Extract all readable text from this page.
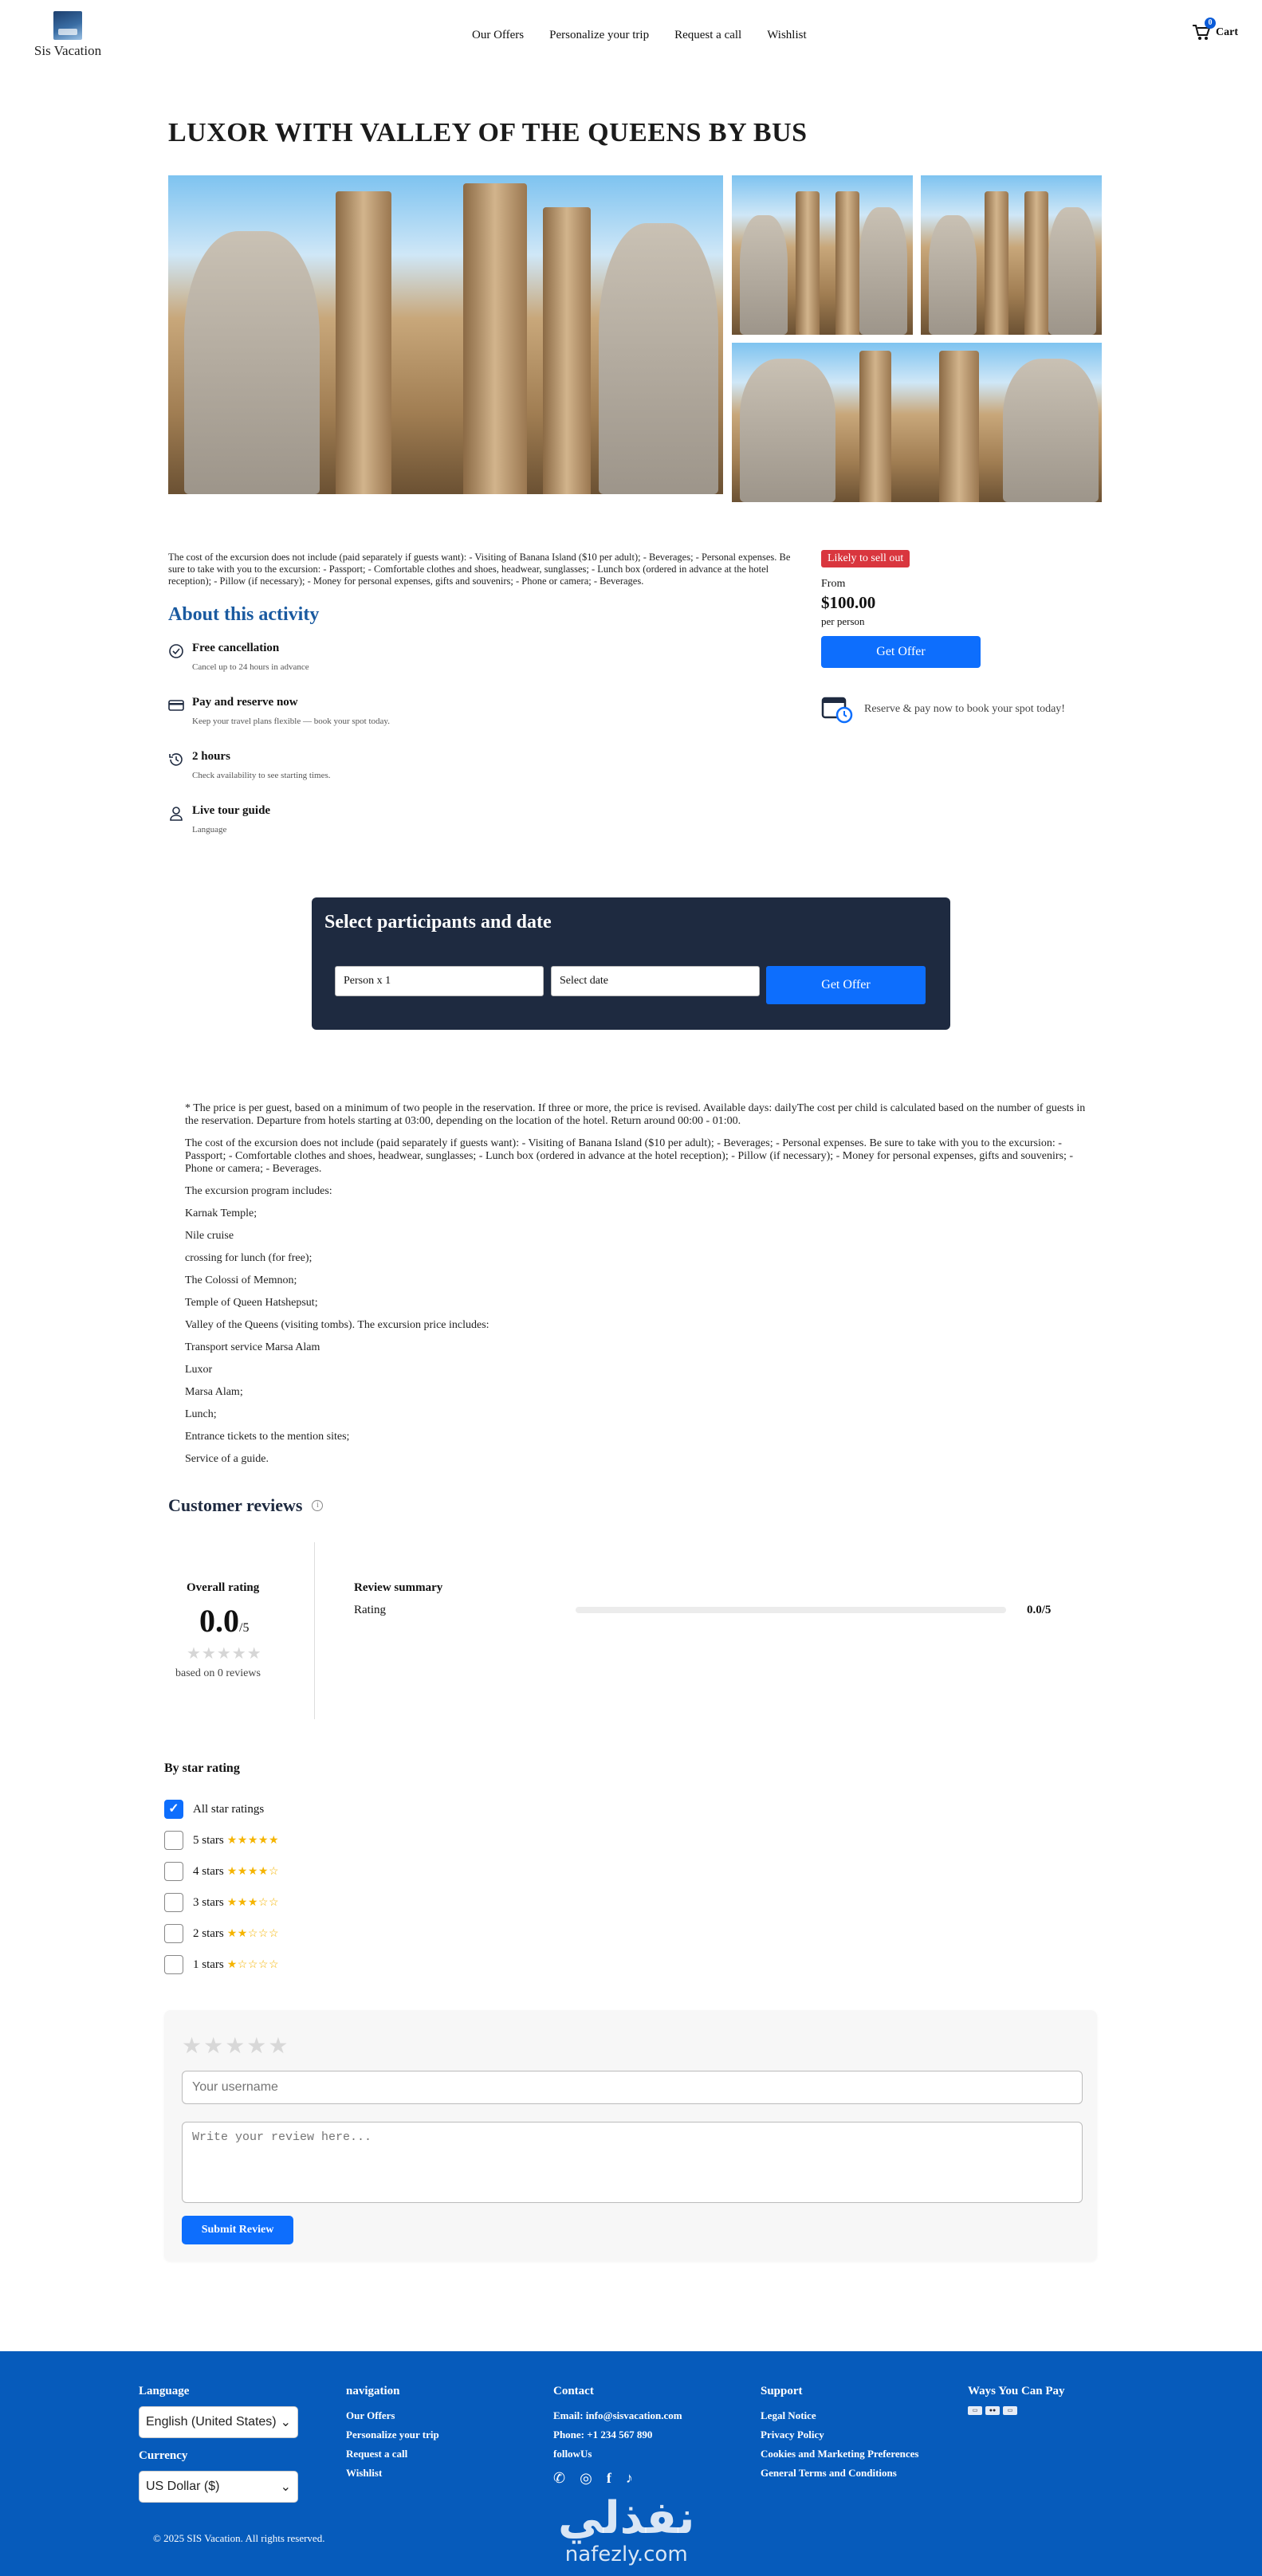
Sis Vacation
Our Offers Personalize your trip Request a call Wishlist
0
Cart
LUXOR WITH VALLEY OF THE QUEENS BY BUS

The cost of the excursion does not include (paid separately if guests want): - Visiting of Banana Island ($10 per adult); - Beverages; - Personal expenses. Be sure to take with you to the excursion: - Passport; - Comfortable clothes and shoes, headwear, sunglasses; - Lunch box (ordered in advance at the hotel reception); - Pillow (if necessary); - Money for personal expenses, gifts and souvenirs; - Phone or camera; - Beverages.

About this activity
Free cancellation
Cancel up to 24 hours in advance
Pay and reserve now
Keep your travel plans flexible — book your spot today.
2 hours
Check availability to see starting times.
Live tour guide
Language
Likely to sell out
From
$100.00
per person
Get Offer
Reserve & pay now to book your spot today!
Select participants and date
Person x 1	Select date	Get Offer

* The price is per guest, based on a minimum of two people in the reservation. If three or more, the price is revised. Available days: dailyThe cost per child is calculated based on the number of guests in the reservation. Departure from hotels starting at 03:00, depending on the location of the hotel. Return around 00:00 - 01:00.

The cost of the excursion does not include (paid separately if guests want): - Visiting of Banana Island ($10 per adult); - Beverages; - Personal expenses. Be sure to take with you to the excursion: - Passport; - Comfortable clothes and shoes, headwear, sunglasses; - Lunch box (ordered in advance at the hotel reception); - Pillow (if necessary); - Money for personal expenses, gifts and souvenirs; - Phone or camera; - Beverages.

The excursion program includes:

Karnak Temple;

Nile cruise

crossing for lunch (for free);

The Colossi of Memnon;

Temple of Queen Hatshepsut;

Valley of the Queens (visiting tombs). The excursion price includes:

Transport service Marsa Alam

Luxor

Marsa Alam;

Lunch;

Entrance tickets to the mention sites;

Service of a guide.

Customer reviews	i
Overall rating
0.0/5
★★★★★
based on 0 reviews
Review summary
Rating	0.0/5
By star rating
✓	All star ratings
5 stars ★★★★★
4 stars ★★★★☆
3 stars ★★★☆☆
2 stars ★★☆☆☆
1 stars ★☆☆☆☆
★★★★★
Your username
Write your review here...
Submit Review
Language
English (United States) ⌄
Currency
US Dollar ($)	⌄
navigation
Our Offers
Personalize your trip
Request a call
Wishlist
Contact
Email: info@sisvacation.com
Phone: +1 234 567 890
followUs
✆ ◎ f ♪
Support
Legal Notice
Privacy Policy
Cookies and Marketing Preferences
General Terms and Conditions
Ways You Can Pay
▭	●●	▭
نفذلي
nafezly.com
© 2025 SIS Vacation. All rights reserved.
